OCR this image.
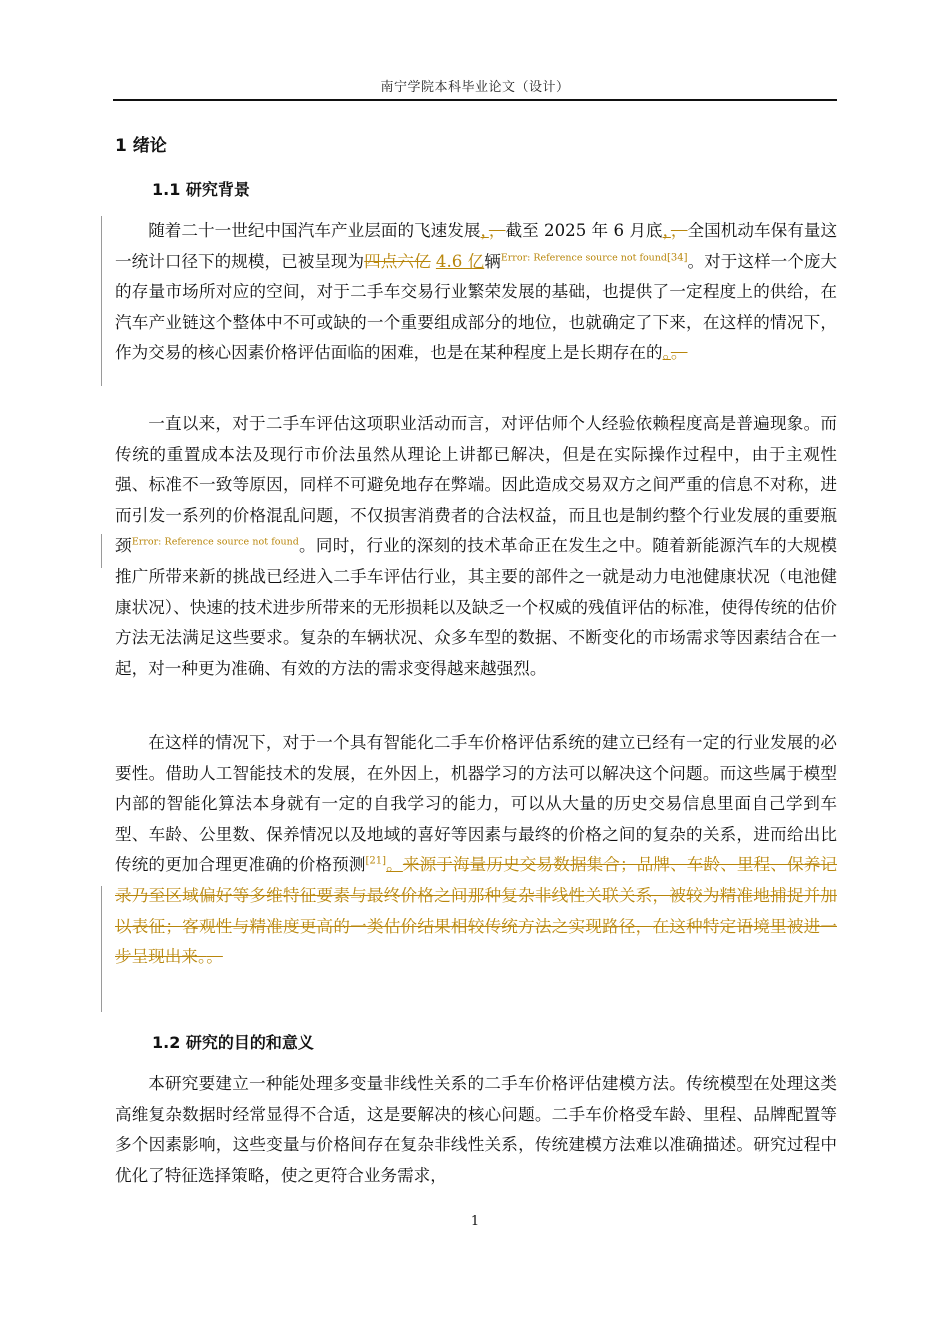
南宁学院本科毕业论文（设计）
1 绪论
1.1 研究背景

随着二十一世纪中国汽车产业层面的飞速发展，，截至 2025 年 6 月底，，全国机动车保有量这一统计口径下的规模，已被呈现为四点六亿 4.6 亿辆$^{Error: Reference source not found[34]}$。对于这样一个庞大的存量市场所对应的空间，对于二手车交易行业繁荣发展的基础，也提供了一定程度上的供给，在汽车产业链这个整体中不可或缺的一个重要组成部分的地位，也就确定了下来，在这样的情况下，作为交易的核心因素价格评估面临的困难，也是在某种程度上是长期存在的。。

一直以来，对于二手车评估这项职业活动而言，对评估师个人经验依赖程度高是普遍现象。而传统的重置成本法及现行市价法虽然从理论上讲都已解决，但是在实际操作过程中，由于主观性强、标准不一致等原因，同样不可避免地存在弊端。因此造成交易双方之间严重的信息不对称，进而引发一系列的价格混乱问题，不仅损害消费者的合法权益，而且也是制约整个行业发展的重要瓶颈$^{Error: Reference source not found}$。同时，行业的深刻的技术革命正在发生之中。随着新能源汽车的大规模推广所带来新的挑战已经进入二手车评估行业，其主要的部件之一就是动力电池健康状况（电池健康状况）、快速的技术进步所带来的无形损耗以及缺乏一个权威的残值评估的标准，使得传统的估价方法无法满足这些要求。复杂的车辆状况、众多车型的数据、不断变化的市场需求等因素结合在一起，对一种更为准确、有效的方法的需求变得越来越强烈。

在这样的情况下，对于一个具有智能化二手车价格评估系统的建立已经有一定的行业发展的必要性。借助人工智能技术的发展，在外因上，机器学习的方法可以解决这个问题。而这些属于模型内部的智能化算法本身就有一定的自我学习的能力，可以从大量的历史交易信息里面自己学到车型、车龄、公里数、保养情况以及地域的喜好等因素与最终的价格之间的复杂的关系，进而给出比传统的更加合理更准确的价格预测[21]。来源于海量历史交易数据集合；品牌、车龄、里程、保养记录乃至区域偏好等多维特征要素与最终价格之间那种复杂非线性关联关系，被较为精准地捕捉并加以表征；客观性与精准度更高的一类估价结果相较传统方法之实现路径，在这种特定语境里被进一步呈现出来。。

1.2 研究的目的和意义

本研究要建立一种能处理多变量非线性关系的二手车价格评估建模方法。传统模型在处理这类高维复杂数据时经常显得不合适，这是要解决的核心问题。二手车价格受车龄、里程、品牌配置等多个因素影响，这些变量与价格间存在复杂非线性关系，传统建模方法难以准确描述。研究过程中优化了特征选择策略，使之更符合业务需求，

1
